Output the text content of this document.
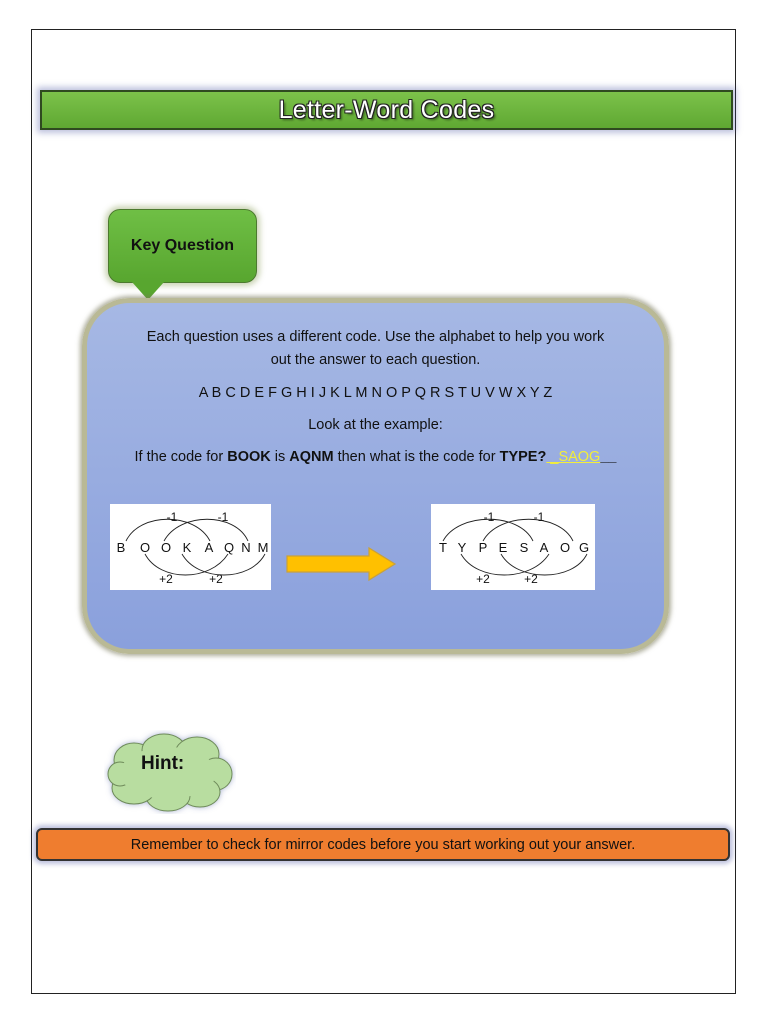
Letter-Word Codes
Key Question
Each question uses a different code. Use the alphabet to help you work
out the answer to each question.
A B C D E F G H I J K L M N O P Q R S T U V W X Y Z
Look at the example:
If the code for BOOK is AQNM then what is the code for TYPE? _SAOG__
B O O K A Q N M
-1	-1
+2	+2
T Y P E S A O G
-1	-1
+2	+2
Hint:
Remember to check for mirror codes before you start working out your answer.
